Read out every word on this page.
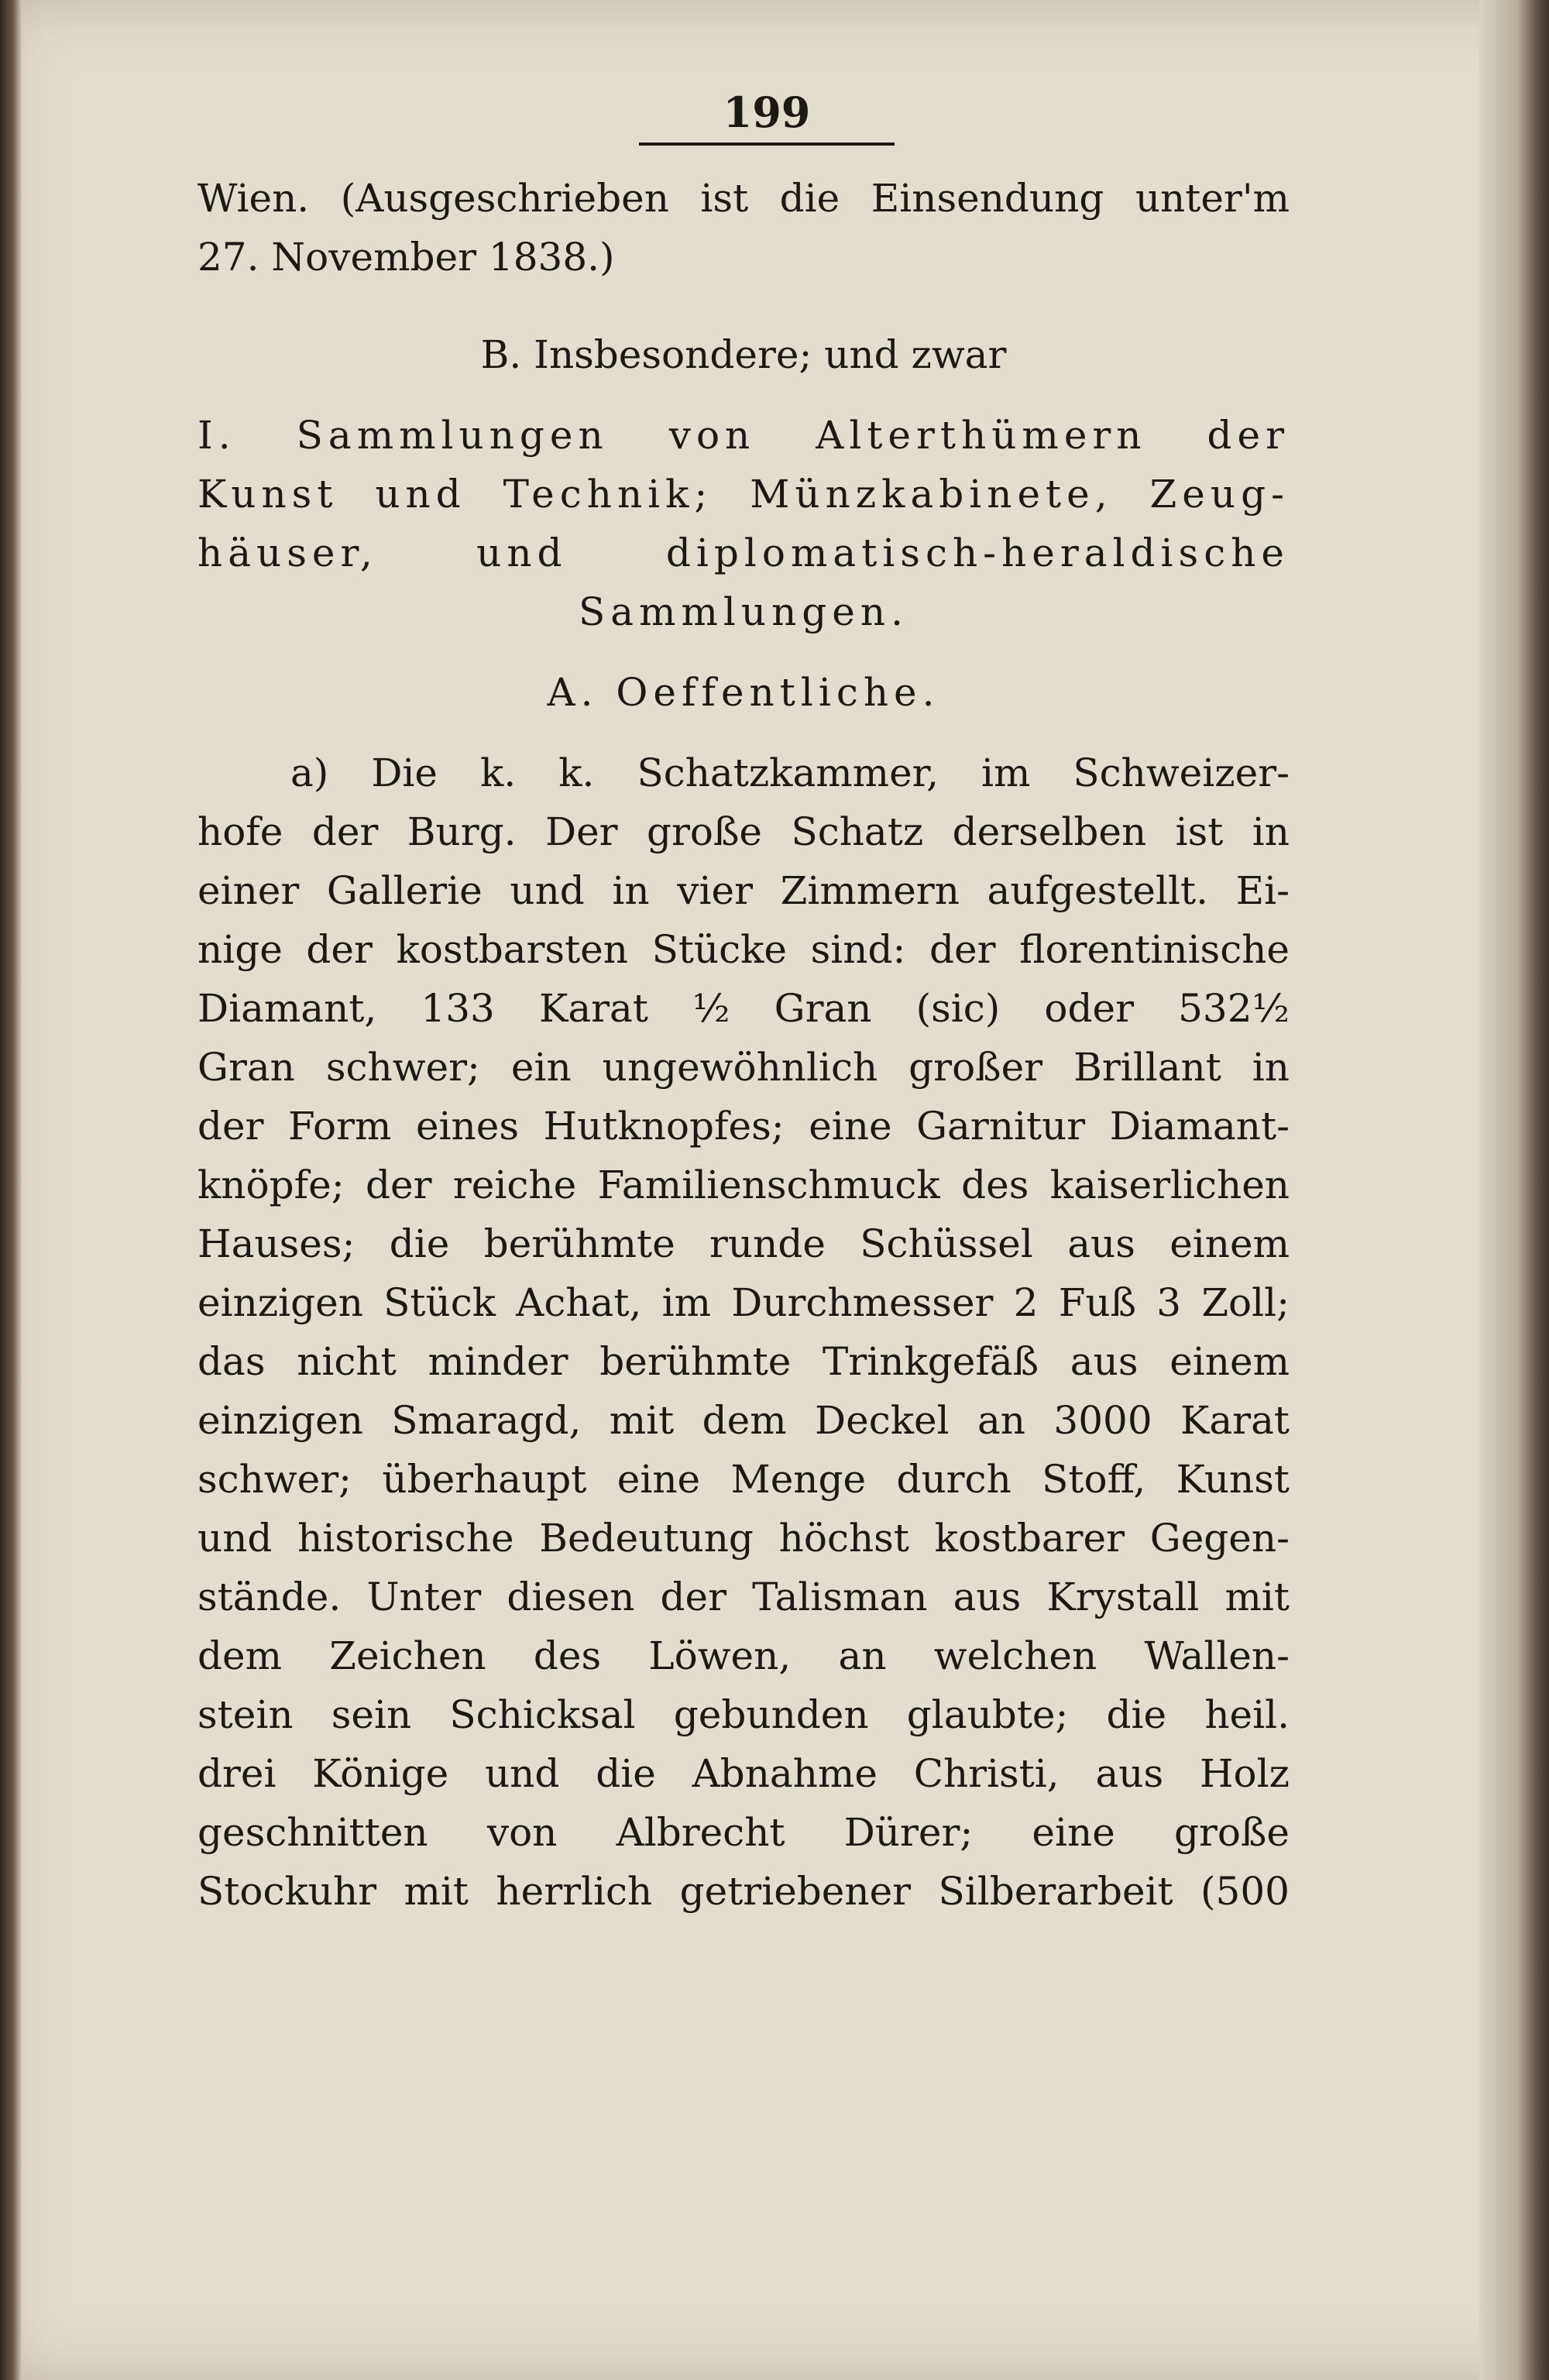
199
Wien. (Ausgeschrieben ist die Einsendung unter'm
27. November 1838.)
B. Insbesondere; und zwar
I. Sammlungen von Alterthümern der
Kunst und Technik; Münzkabinete, Zeug-
häuser, und diplomatisch-heraldische
Sammlungen.
A. Oeffentliche.
a) Die k. k. Schatzkammer, im Schweizer-
hofe der Burg. Der große Schatz derselben ist in
einer Gallerie und in vier Zimmern aufgestellt. Ei-
nige der kostbarsten Stücke sind: der florentinische
Diamant, 133 Karat ½ Gran (sic) oder 532½
Gran schwer; ein ungewöhnlich großer Brillant in
der Form eines Hutknopfes; eine Garnitur Diamant-
knöpfe; der reiche Familienschmuck des kaiserlichen
Hauses; die berühmte runde Schüssel aus einem
einzigen Stück Achat, im Durchmesser 2 Fuß 3 Zoll;
das nicht minder berühmte Trinkgefäß aus einem
einzigen Smaragd, mit dem Deckel an 3000 Karat
schwer; überhaupt eine Menge durch Stoff, Kunst
und historische Bedeutung höchst kostbarer Gegen-
stände. Unter diesen der Talisman aus Krystall mit
dem Zeichen des Löwen, an welchen Wallen-
stein sein Schicksal gebunden glaubte; die heil.
drei Könige und die Abnahme Christi, aus Holz
geschnitten von Albrecht Dürer; eine große
Stockuhr mit herrlich getriebener Silberarbeit (500
